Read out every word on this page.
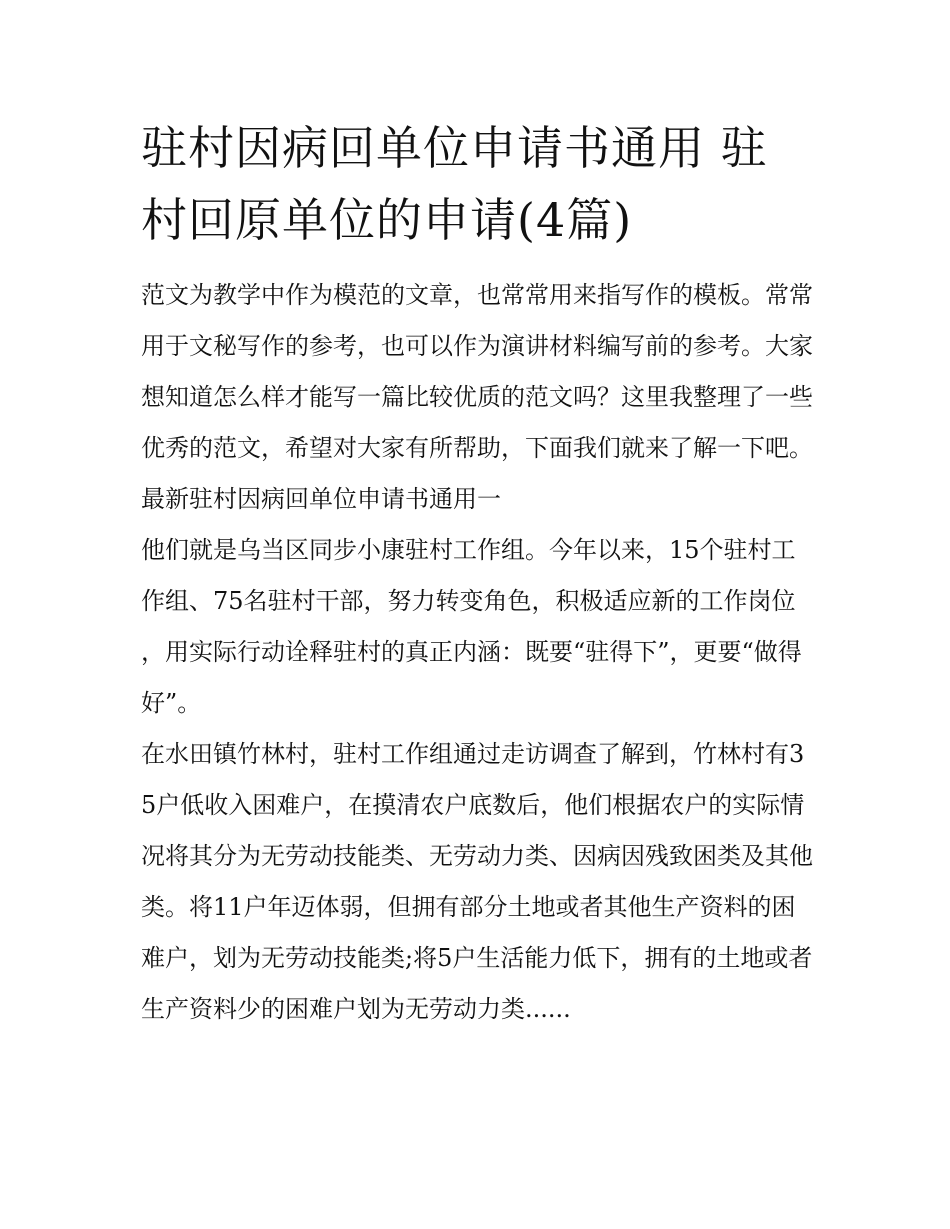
驻村因病回单位申请书通用 驻村回原单位的申请(4篇)

范文为教学中作为模范的文章，也常常用来指写作的模板。常常用于文秘写作的参考，也可以作为演讲材料编写前的参考。大家想知道怎么样才能写一篇比较优质的范文吗？这里我整理了一些优秀的范文，希望对大家有所帮助，下面我们就来了解一下吧。

最新驻村因病回单位申请书通用一

他们就是乌当区同步小康驻村工作组。今年以来，15个驻村工作组、75名驻村干部，努力转变角色，积极适应新的工作岗位，用实际行动诠释驻村的真正内涵：既要“驻得下”，更要“做得好”。

在水田镇竹林村，驻村工作组通过走访调查了解到，竹林村有35户低收入困难户，在摸清农户底数后，他们根据农户的实际情况将其分为无劳动技能类、无劳动力类、因病因残致困类及其他类。将11户年迈体弱，但拥有部分土地或者其他生产资料的困难户，划为无劳动技能类;将5户生活能力低下，拥有的土地或者生产资料少的困难户划为无劳动力类......
